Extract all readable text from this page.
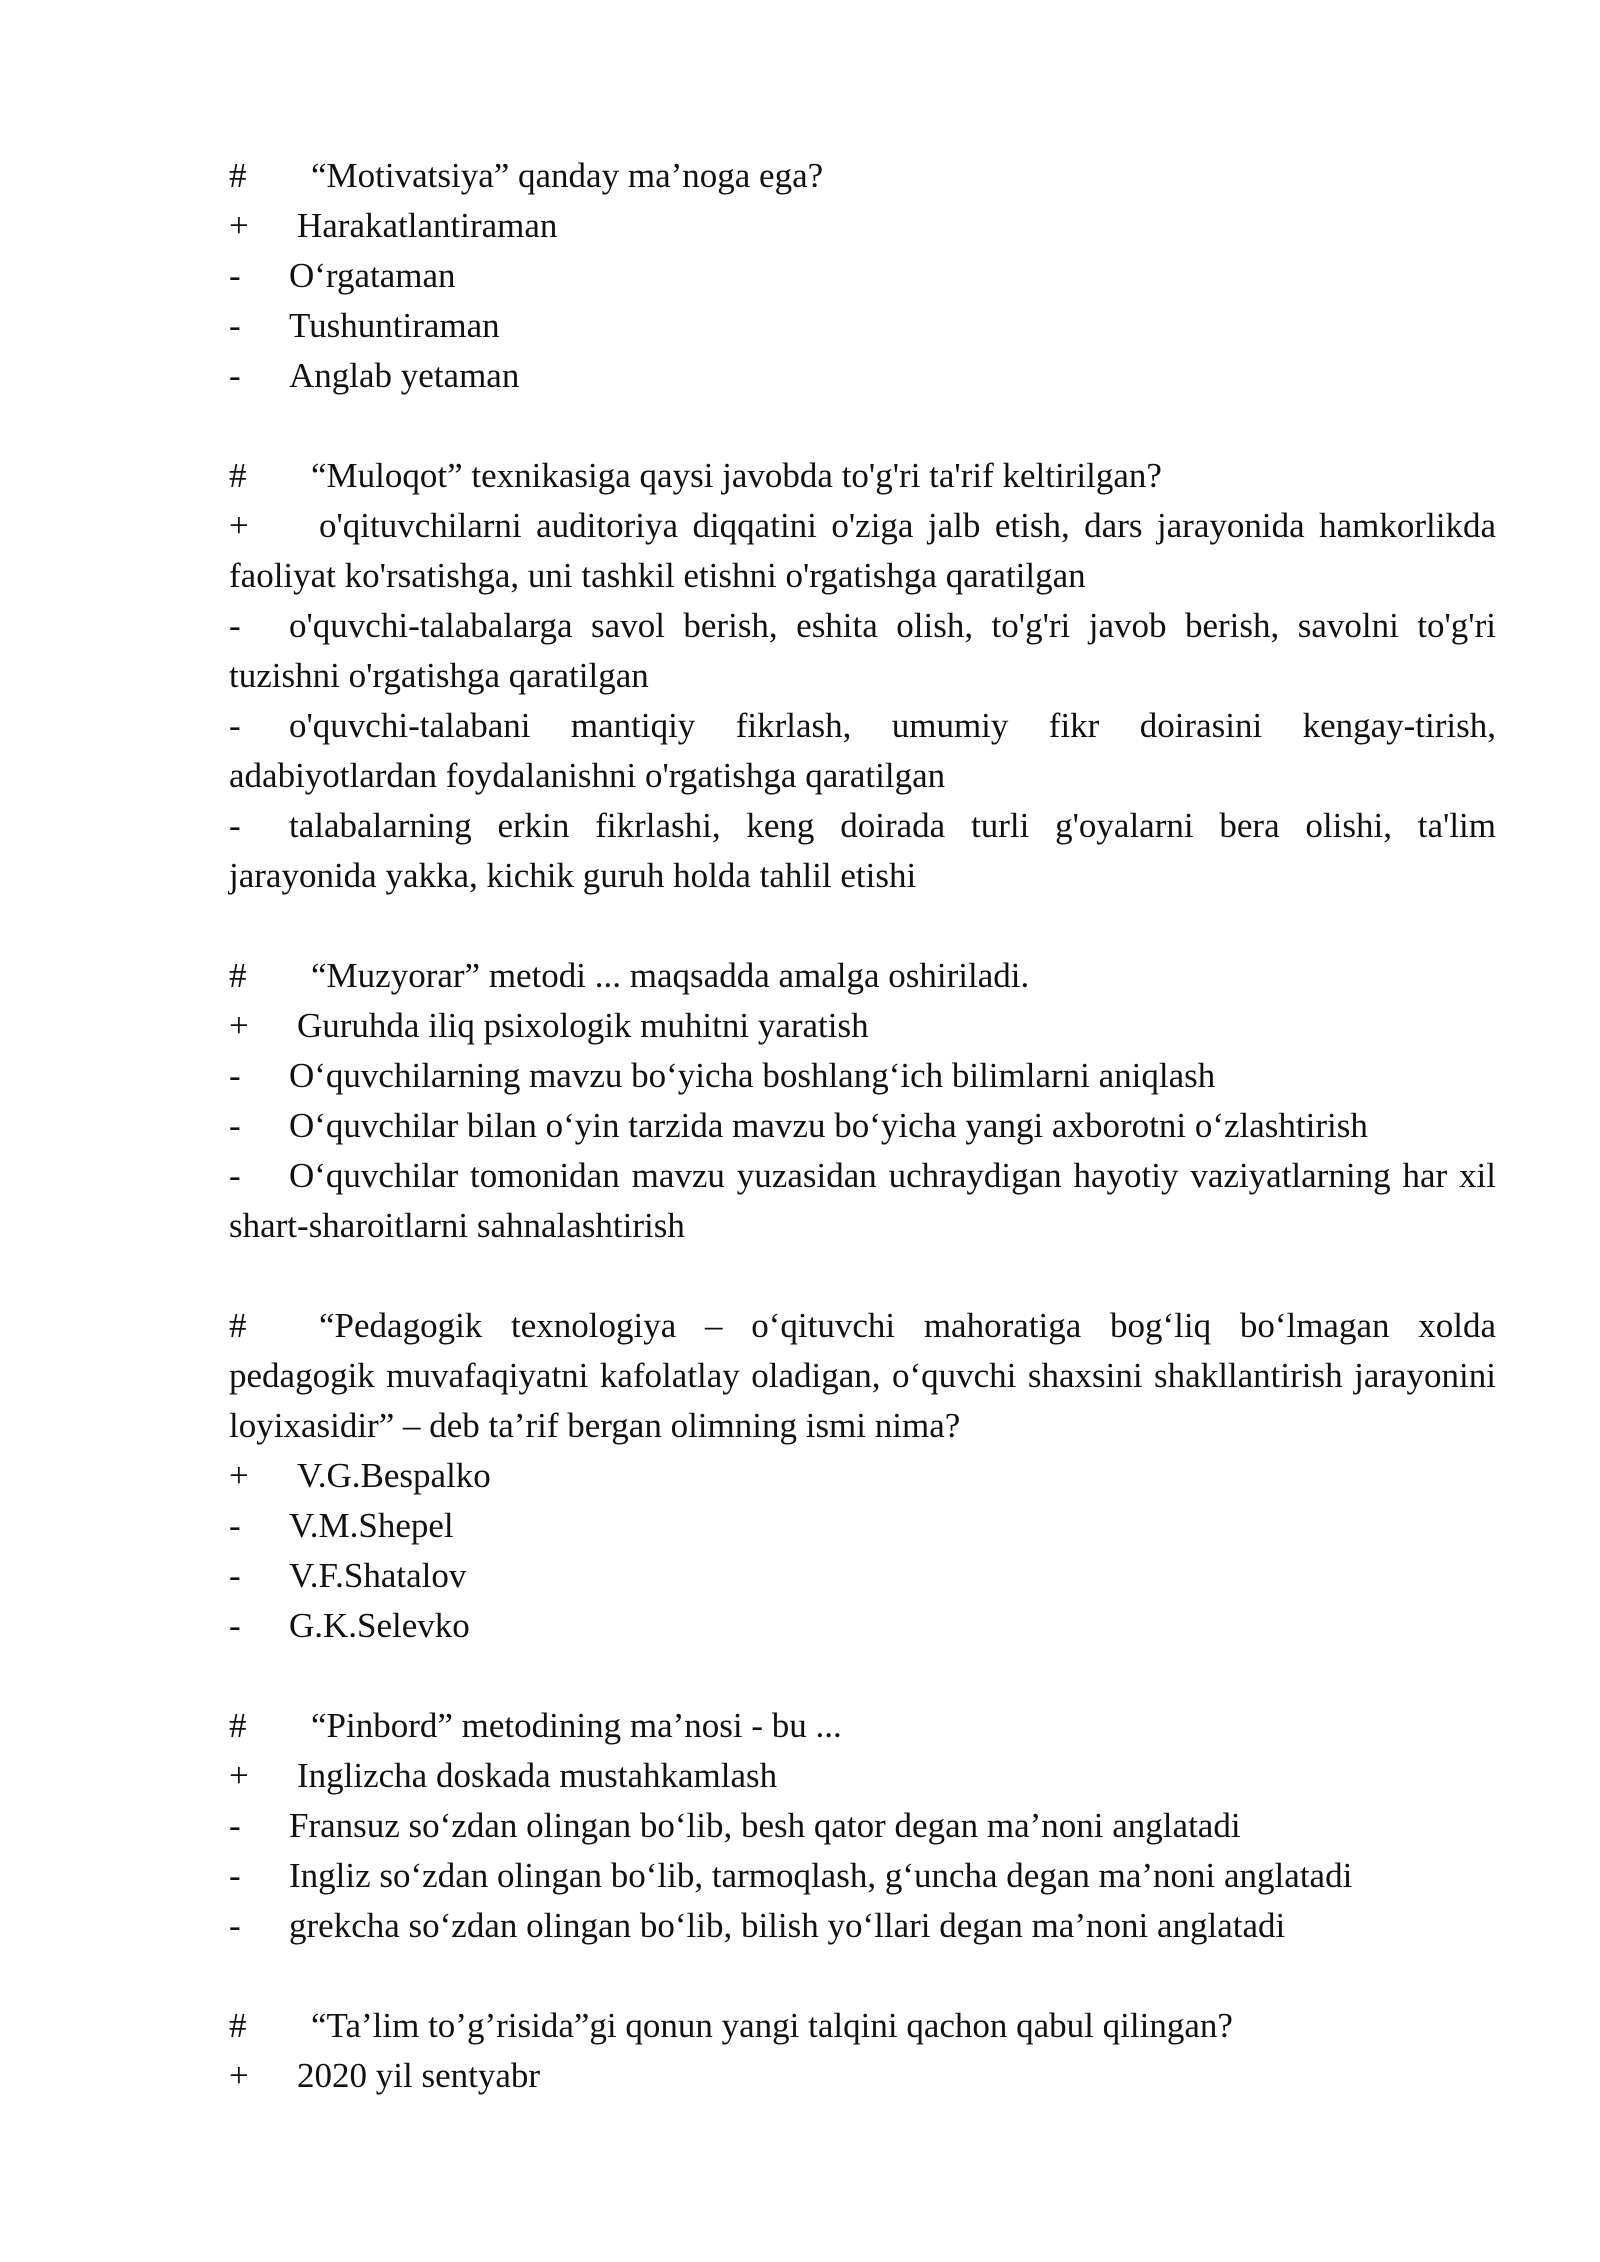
# “Motivatsiya” qanday ma’noga ega?
+ Harakatlantiraman
- O‘rgataman
- Tushuntiraman
- Anglab yetaman
# “Muloqot” texnikasiga qaysi javobda to'g'ri ta'rif keltirilgan?
+ o'qituvchilarni auditoriya diqqatini o'ziga jalb etish, dars jarayonida hamkorlikda faoliyat ko'rsatishga, uni tashkil etishni o'rgatishga qaratilgan
- o'quvchi-talabalarga savol berish, eshita olish, to'g'ri javob berish, savolni to'g'ri tuzishni o'rgatishga qaratilgan
- o'quvchi-talabani mantiqiy fikrlash, umumiy fikr doirasini kengay-tirish, adabiyotlardan foydalanishni o'rgatishga qaratilgan
- talabalarning erkin fikrlashi, keng doirada turli g'oyalarni bera olishi, ta'lim jarayonida yakka, kichik guruh holda tahlil etishi
# “Muzyorar” metodi ... maqsadda amalga oshiriladi.
+ Guruhda iliq psixologik muhitni yaratish
- O‘quvchilarning mavzu bo‘yicha boshlang‘ich bilimlarni aniqlash
- O‘quvchilar bilan o‘yin tarzida mavzu bo‘yicha yangi axborotni o‘zlashtirish
- O‘quvchilar tomonidan mavzu yuzasidan uchraydigan hayotiy vaziyatlarning har xil shart-sharoitlarni sahnalashtirish
# “Pedagogik texnologiya – o‘qituvchi mahoratiga bog‘liq bo‘lmagan xolda pedagogik muvafaqiyatni kafolatlay oladigan, o‘quvchi shaxsini shakllantirish jarayonini loyixasidir” – deb ta’rif bergan olimning ismi nima?
+ V.G.Bespalko
- V.M.Shepel
- V.F.Shatalov
- G.K.Selevko
# “Pinbord” metodining ma’nosi - bu ...
+ Inglizcha doskada mustahkamlash
- Fransuz so‘zdan olingan bo‘lib, besh qator degan ma’noni anglatadi
- Ingliz so‘zdan olingan bo‘lib, tarmoqlash, g‘uncha degan ma’noni anglatadi
- grekcha so‘zdan olingan bo‘lib, bilish yo‘llari degan ma’noni anglatadi
# “Ta’lim to’g’risida”gi qonun yangi talqini qachon qabul qilingan?
+ 2020 yil sentyabr
